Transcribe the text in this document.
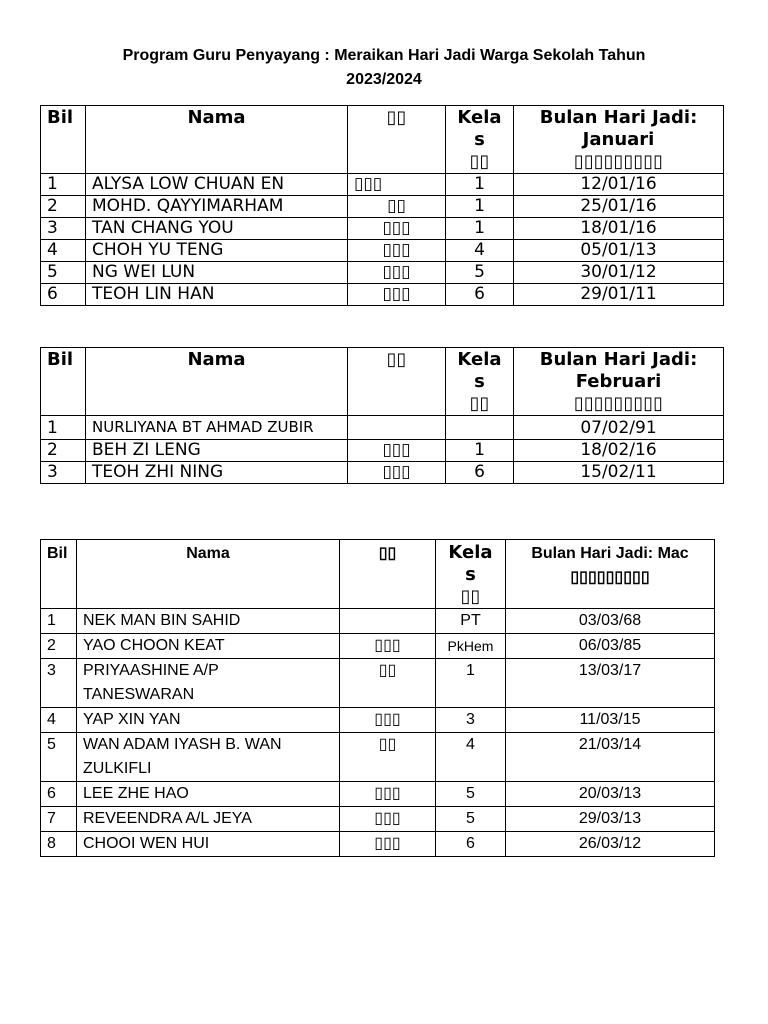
Program Guru Penyayang : Meraikan Hari Jadi Warga Sekolah Tahun
2023/2024
Bil	Nama	▯▯	Kela
s
▯▯	Bulan Hari Jadi: Januari
▯▯▯▯▯▯▯▯▯
1	ALYSA LOW CHUAN EN	▯▯▯	1	12/01/16
2	MOHD. QAYYIMARHAM	▯▯	1	25/01/16
3	TAN CHANG YOU	▯▯▯	1	18/01/16
4	CHOH YU TENG	▯▯▯	4	05/01/13
5	NG WEI LUN	▯▯▯	5	30/01/12
6	TEOH LIN HAN	▯▯▯	6	29/01/11
Bil	Nama	▯▯	Kela
s
▯▯	Bulan Hari Jadi: Februari
▯▯▯▯▯▯▯▯▯
1	NURLIYANA BT AHMAD ZUBIR			07/02/91
2	BEH ZI LENG	▯▯▯	1	18/02/16
3	TEOH ZHI NING	▯▯▯	6	15/02/11
Bil	Nama	▯▯	Kela
s
▯▯	Bulan Hari Jadi: Mac
▯▯▯▯▯▯▯▯▯
1	NEK MAN BIN SAHID		PT	03/03/68
2	YAO CHOON KEAT	▯▯▯	PkHem	06/03/85
3	PRIYAASHINE A/P TANESWARAN	▯▯	1	13/03/17
4	YAP XIN YAN	▯▯▯	3	11/03/15
5	WAN ADAM IYASH B. WAN ZULKIFLI	▯▯	4	21/03/14
6	LEE ZHE HAO	▯▯▯	5	20/03/13
7	REVEENDRA A/L JEYA	▯▯▯	5	29/03/13
8	CHOOI WEN HUI	▯▯▯	6	26/03/12
